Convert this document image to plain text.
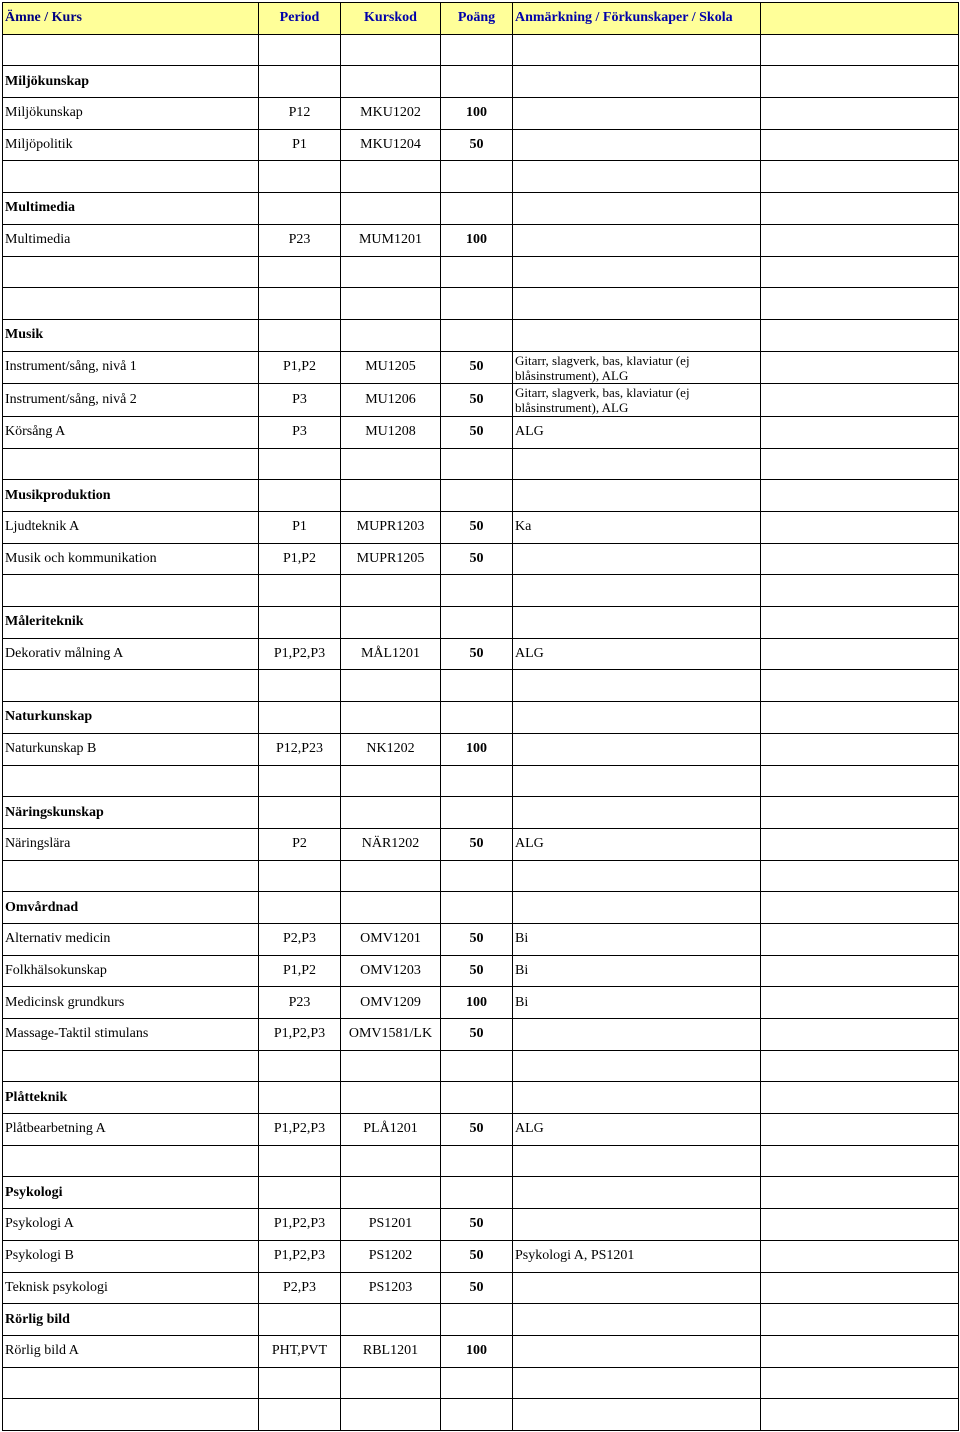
Ämne / Kurs	Period	Kurskod	Poäng	Anmärkning / Förkunskaper / Skola	

Miljökunskap					
Miljökunskap	P12	MKU1202	100		
Miljöpolitik	P1	MKU1204	50		

Multimedia					
Multimedia	P23	MUM1201	100		

Musik					
Instrument/sång, nivå 1	P1,P2	MU1205	50	Gitarr, slagverk, bas, klaviatur (ej blåsinstrument), ALG	
Instrument/sång, nivå 2	P3	MU1206	50	Gitarr, slagverk, bas, klaviatur (ej blåsinstrument), ALG	
Körsång A	P3	MU1208	50	ALG	

Musikproduktion					
Ljudteknik A	P1	MUPR1203	50	Ka	
Musik och kommunikation	P1,P2	MUPR1205	50		

Måleriteknik					
Dekorativ målning A	P1,P2,P3	MÅL1201	50	ALG	

Naturkunskap					
Naturkunskap B	P12,P23	NK1202	100		

Näringskunskap					
Näringslära	P2	NÄR1202	50	ALG	

Omvårdnad					
Alternativ medicin	P2,P3	OMV1201	50	Bi	
Folkhälsokunskap	P1,P2	OMV1203	50	Bi	
Medicinsk grundkurs	P23	OMV1209	100	Bi	
Massage-Taktil stimulans	P1,P2,P3	OMV1581/LK	50		

Plåtteknik					
Plåtbearbetning A	P1,P2,P3	PLÅ1201	50	ALG	

Psykologi					
Psykologi A	P1,P2,P3	PS1201	50		
Psykologi B	P1,P2,P3	PS1202	50	Psykologi A, PS1201	
Teknisk psykologi	P2,P3	PS1203	50		
Rörlig bild					
Rörlig bild A	PHT,PVT	RBL1201	100		
